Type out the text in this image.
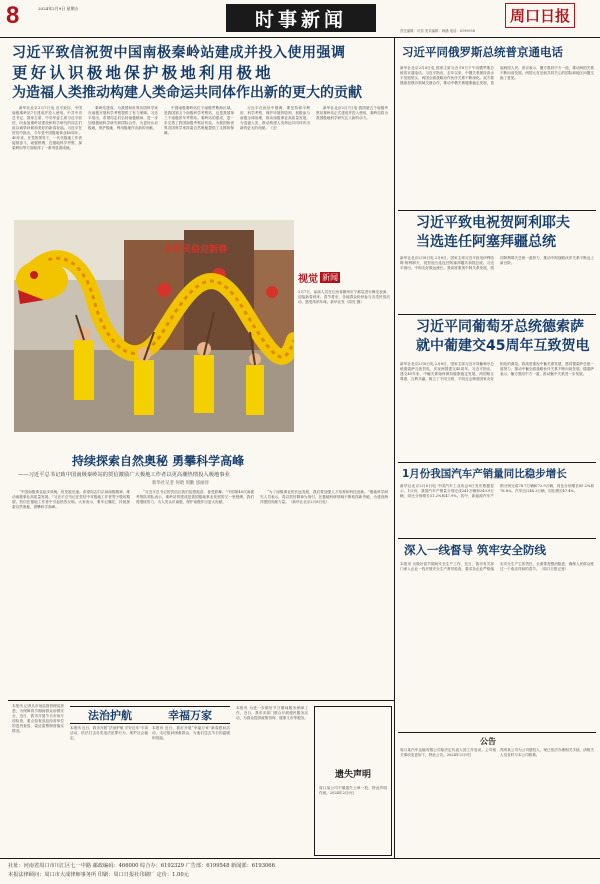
8	2024年2月9日 星期五	时事新闻	周口日报
责任编辑：叶苗 美术编辑：韩涵 电话：6199958
习近平致信祝贺中国南极秦岭站建成并投入使用强调
更好认识极地保护极地利用极地
为造福人类推动构建人类命运共同体作出新的更大的贡献

新华社北京2月7日电 近平致信，中国南极秦岭站7日建成并投入使用。中共中央总书记、国家主席、中央军委主席习近平致信，向参加秦岭站建设和科学研究的同志们致以诚挚问候和美好的新春祝福。习近平在贺信中指出，今年是中国极地事业40周年。40年来，在党的领导下，一代代极地工作者接续奋斗，顽强拼搏，在极地科学考察、探索利用等方面取得了一系列显著成就。

秦岭站建成，为我国和世界各国科学家在南极开展科学考察提供了有力保障。习近平指出，希望同志们弘扬南极精神，进一步加强极地科学研究和国际合作，为更好认识极地、保护极地、利用极地作出新的贡献。

中国南极秦岭站位于南极罗斯海区域，是我国第五个南极科学考察站，也是我国第三个南极常年考察站。秦岭站的建成，进一步完善了我国南极考察站布局，为我国和世界各国科学家探索自然奥秘提供了支撑和保障。

习近平在致信中强调，要坚持和平利用、科学考察、保护环境的原则，积极参与南极全球治理，推动南极事业高质量发展，为造福人类、推动构建人类命运共同体作出新的更大的贡献。（完）

新华社北京2月7日电 我国第五个南极考察站秦岭站正式建成并投入使用，秦岭站将为我国极地科学研究注入新的动力。

多彩民俗迎新春
视觉 新闻
2月7日，参演人员在江西省赣州市宁都县进行舞龙表演，迎接新春到来。春节将至，各地群众纷纷参与各类民俗活动，感受浓浓年味。新华社发（周亮 摄）
持续探索自然奥秘 勇攀科学高峰
——习近平总书记致中国南极秦岭站的贺信激励广大极地工作者以更高潮热情投入极地事业
新华社记者 何晗 周勤 邰丽淳

“中国南极事业起步虽晚，但发展迅速。希望同志们弘扬南极精神，推动南极事业高质量发展。”习近平总书记在贺信中对极地工作者寄予殷切期望。贺信在极地工作者中引起热烈反响。大家表示，要牢记嘱托，持续探索自然奥秘，勇攀科学高峰。

“习近平总书记的贺信让我们倍感振奋，备受鼓舞。”中国第40次南极考察队领队表示，秦岭站的建成是我国极地事业发展的又一里程碑，我们将继续努力，为人类认识南极、保护南极作出更大贡献。

“为了南极事业的长远发展，我们要加强人才培养和科技创新。”极地科学研究人员表示，将以贺信精神为指引，在极地科研领域不断取得新突破，为建设海洋强国贡献力量。（新华社北京2月8日电）

本报讯 记者从市场监督管理局获悉，为保障春节期间群众用餐安全，近日，我市开展节日市场专项检查，重点检查食品经营单位的进货查验、索证索票制度落实情况。
法治护航	幸福万家
本报讯 近日，我市开展“法治护航 平安过年”专项活动，依法打击各类违法犯罪行为，维护社会稳定。
本报讯 近日，我市开展“幸福万家”新春慰问活动，走访慰问困难群众，为他们送去节日的温暖和祝福。
本报讯 为进一步做好节日期间服务保障工作，近日，我市多部门联合开展便民服务活动，为群众提供政策咨询、健康义诊等服务。
遗失声明
周口某公司不慎遗失公章一枚，特此声明作废。2024年2月9日
习近平同俄罗斯总统普京通电话
新华社北京2月8日电 国家主席习近平8日下午同俄罗斯总统普京通电话。习近平指出，去年以来，中俄关系保持高水平发展势头，两国全面战略协作伙伴关系不断深化。双方要继续加强各领域交流合作，推动中俄关系健康稳定发展，造福两国人民。普京表示，俄方愿同中方一道，推动两国关系不断向前发展。两国元首还就共同关心的国际和地区问题交换了意见。
习近平致电祝贺阿利耶夫
当选连任阿塞拜疆总统
新华社北京2月8日电 2月8日，国家主席习近平致电伊利哈姆·阿利耶夫，祝贺他当选连任阿塞拜疆共和国总统。习近平指出，中阿友好源远流长。我高度重视中阿关系发展，愿同阿利耶夫总统一道努力，推动中阿战略伙伴关系不断迈上新台阶。
习近平同葡萄牙总统德索萨
就中葡建交45周年互致贺电
新华社北京2月8日电 2月8日，国家主席习近平同葡萄牙总统德索萨互致贺电，庆祝两国建交45周年。习近平指出，建交45年来，中葡关系始终保持健康稳定发展。两国相互尊重，互利共赢，树立了不同文明、不同社会制度国家友好相处的典范。我高度重视中葡关系发展，愿同德索萨总统一道努力，推动中葡全面战略伙伴关系不断向前发展。德索萨表示，葡方愿同中方一道，推动葡中关系进一步发展。
1月份我国汽车产销量同比稳步增长
新华社北京2月8日电 中国汽车工业协会8日发布数据显示，1月份，我国汽车产销量分别完成241万辆和243.9万辆，同比分别增长51.2%和47.9%。其中，新能源汽车产销分别完成78.7万辆和72.9万辆，同比分别增长85.2%和78.8%。汽车出口44.3万辆，同比增长47.4%。
深入一线督导 筑牢安全防线
本报讯 为做好春节期间安全生产工作，近日，我市有关部门深入企业一线开展安全生产督导检查，要求各企业严格落实安全生产主体责任，全面排查整治隐患，确保人民群众度过一个欢乐祥和的春节。（周口日报记者）
公告
周口某汽车运输有限公司原法定代表人因工作变动，公司相关事项变更如下，特此公告。2024年2月9日
郑州某公司为公司债权人，现已依法办理相关手续，请相关人员及时与本公司联系。
社址：河南省周口市川汇区七一中路 邮政编码：466000 综合办：6192329 广告部：6199548 新闻部：6193066
本报法律顾问：周口市大成律师事务所 印刷：周口日报社印刷厂 定价：1.00元
